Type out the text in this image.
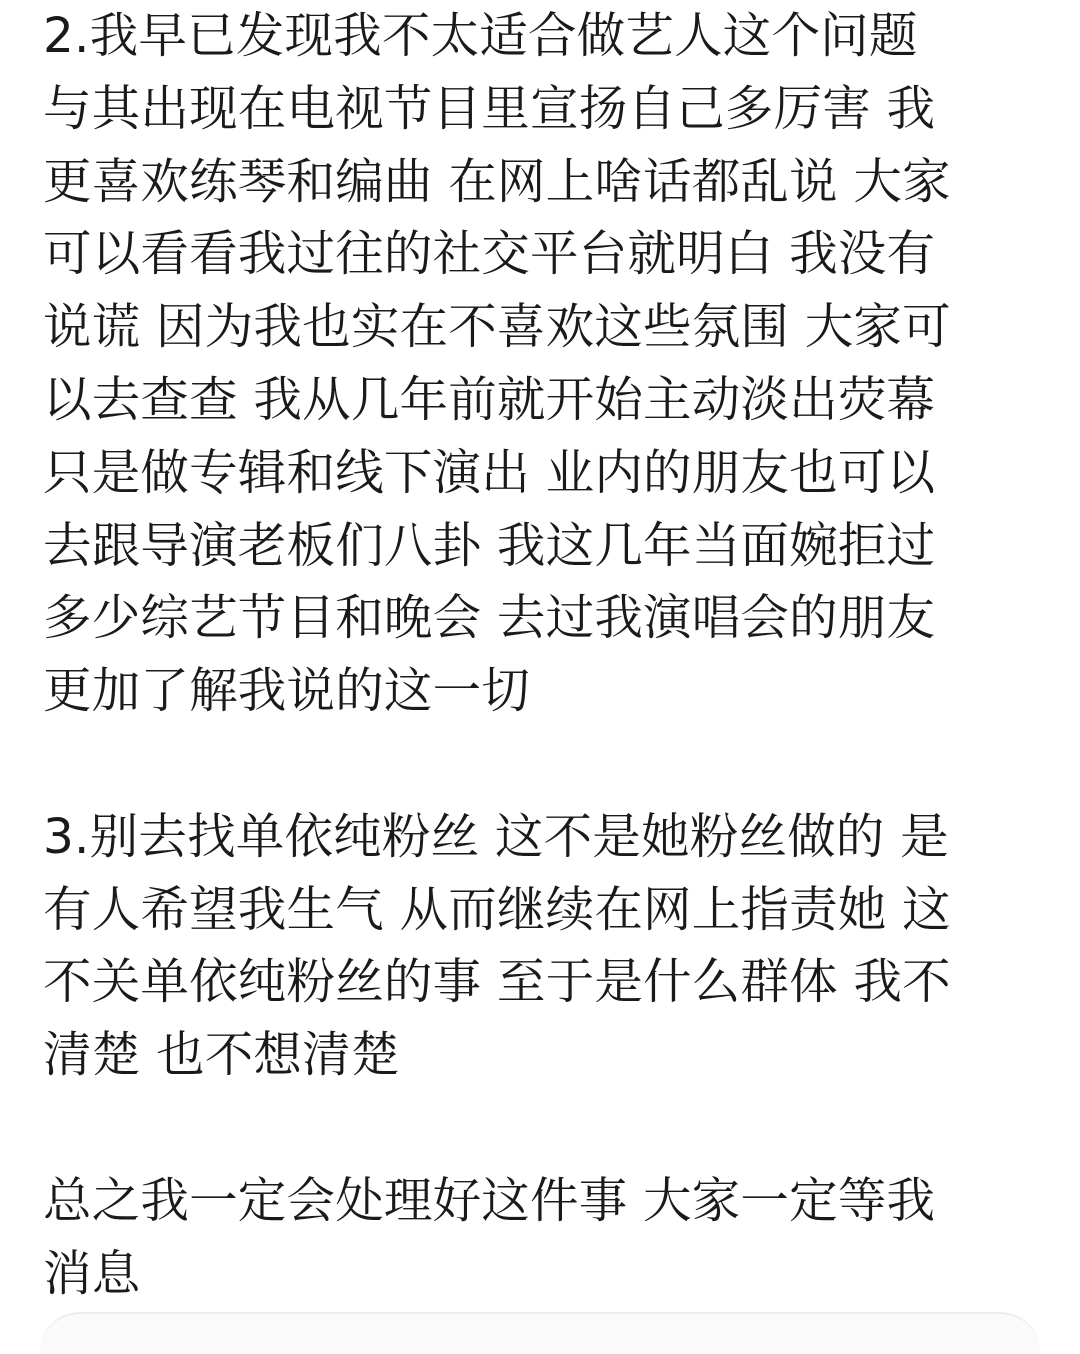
2.我早已发现我不太适合做艺人这个问题
与其出现在电视节目里宣扬自己多厉害 我
更喜欢练琴和编曲 在网上啥话都乱说 大家
可以看看我过往的社交平台就明白 我没有
说谎 因为我也实在不喜欢这些氛围 大家可
以去查查 我从几年前就开始主动淡出荧幕
只是做专辑和线下演出 业内的朋友也可以
去跟导演老板们八卦 我这几年当面婉拒过
多少综艺节目和晚会 去过我演唱会的朋友
更加了解我说的这一切
3.别去找单依纯粉丝 这不是她粉丝做的 是
有人希望我生气 从而继续在网上指责她 这
不关单依纯粉丝的事 至于是什么群体 我不
清楚 也不想清楚
总之我一定会处理好这件事 大家一定等我
消息
